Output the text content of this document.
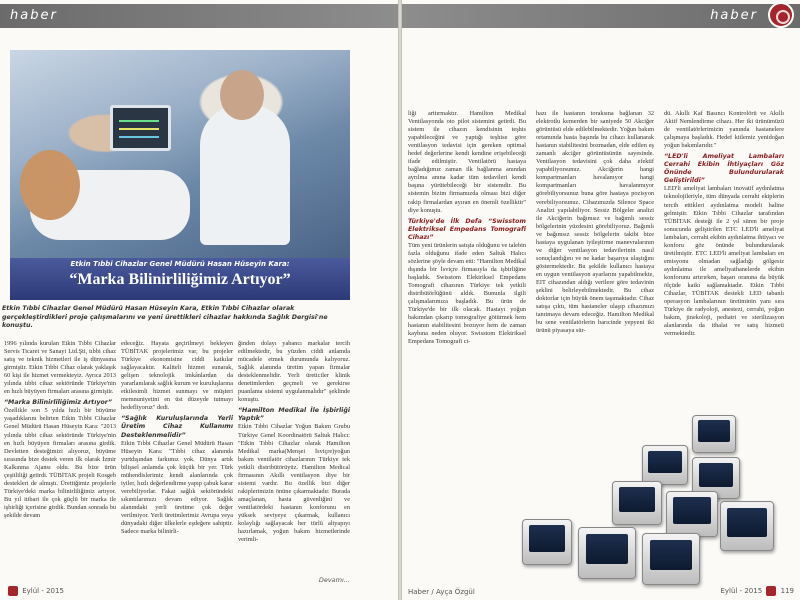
haber
Etkin Tıbbi Cihazlar Genel Müdürü Hasan Hüseyin Kara:
“Marka Bilinirliliğimiz Artıyor”
Etkin Tıbbi Cihazlar Genel Müdürü Hasan Hüseyin Kara, Etkin Tıbbi Cihazlar olarak gerçekleştirdikleri proje çalışmalarını ve yeni ürettikleri cihazlar hakkında Sağlık Dergisi'ne konuştu.
1996 yılında kurulan Etkin Tıbbi Cihazlar Servis Ticaret ve Sanayi Ltd.Şti, tıbbi cihaz satış ve teknik hizmetleri ile iş dünyasına girmiştir. Etkin Tıbbi Cihaz olarak yaklaşık 60 kişi ile hizmet vermekteyiz. Ayrıca 2013 yılında tıbbi cihaz sektöründe Türkiye'nin en hızlı büyüyen firmaları arasına girmiştir.
“Marka Bilinirliliğimiz Artıyor”
Özellikle son 5 yılda hızlı bir büyüme yaşadıklarını belirten Etkin Tıbbi Cihazlar Genel Müdürü Hasan Hüseyin Kara: "2013 yılında tıbbi cihaz sektöründe Türkiye'nin en hızlı büyüyen firmaları arasına girdik. Devletten desteğimizi alıyoruz, büyüme sırasında bize destek veren ilk olarak İzmir Kalkınma Ajansı oldu. Bu bize ürün çeşitliliği getirdi. TÜBİTAK projeli Kosgeb destekleri de almıştı. Ürettiğimiz projelerle Türkiye'deki marka bilinirliliğimiz artıyor. Bu yıl itibari ile çok güçlü bir marka ile işbirliği içerisine girdik. Bundan sonrada bu şekilde devam
edeceğiz. Hayata geçirilmeyi bekleyen TÜBİTAK projelerimiz var, bu projeler Türkiye ekonomisine ciddi katkılar sağlayacaktır. Kaliteli hizmet sunarak, gelişen teknolojik imkânlardan da yararlanılarak sağlık kurum ve kuruluşlarına etkilesimli hizmet sunmayı ve müşteri memnuniyetini en üst düzeyde tutmayı hedefliyoruz" dedi.
“Sağlık Kuruluşlarında Yerli Üretim Cihaz Kullanımı Desteklenmelidir”
Etkin Tıbbi Cihazlar Genel Müdürü Hasan Hüseyin Kara: "Tıbbi cihaz alanında yurtdışından farkımız yok. Dünya artık bilişsel anlamda çok küçük bir yer. Türk mühendislerimiz kendi alanlarında çok iyiler, hızlı değerlendirme yapıp çabuk karar verebiliyorlar. Fakat sağlık sektöründeki sıkıntılarımızı devam ediyor. Sağlık alanındaki yerli üretime çok değer verilmiyor. Yerli üretimlerimiz Avrupa veya dünyadaki diğer ülkelerle eşdeğere sahiptir. Sadece marka bilinirli-
ğinden dolayı yabancı markalar tercih edilmektedir, bu yüzden ciddi anlamda mücadele etmek durumunda kalıyoruz. Sağlık alanında üretim yapan firmalar desteklenmelidir. Yerli üreticiler klinik denetimlerden geçmeli ve gerekirse puanlama sistemi uygulanmalıdır" şeklinde konuştu.
“Hamilton Medikal İle İşbirliği Yaptık”
Etkin Tıbbi Cihazlar Yoğun Bakım Grubu Türkiye Genel Koordinatörü Saltuk Halıcı: "Etkin Tıbbi Cihazlar olarak Hamilton Medikal marka(Menşei İsviçre)yoğun bakım ventilatör cihazlarının Türkiye tek yetkili distribütörüyüz. Hamilton Medical firmasının Akıllı ventilasyon diye bir sistemi vardır. Bu özellik bizi diğer rakiplerimizin önüne çıkarmaktadır. Burada amaçlanan, hasta güvenliğini ve ventilatördeki hastanın konforunu en yüksek seviyeye çıkarmak, kullanıcı kolaylığı sağlayacak her türlü altyapıyı hazırlamak, yoğun bakım hizmetlerinde verimli-
Devamı...
Eylül - 2015
haber
liği arttırmaktır. Hamilton Medikal Ventilasyonda oto pilot sistemini getirdi. Bu sistem ile cihazın kendisinin teşhis yapabileceğini ve yaptığı teşhise göre ventilasyon tedavisi için gereken optimal hedef değerlerine kendi kendine erişebileceği ifade edilmiştir. Ventilatörü hastaya bağladığımız zaman ilk bağlanma anından ayrılma anına kadar tüm tedavileri kendi başına yürütebileceği bir sistemdir. Bu sistemin bizim firmamızda olması bizi diğer rakip firmalardan ayıran en önemli özelliktir" diye konuştu.
Türkiye'de İlk Defa “Swisstom Elektriksel Empedans Tomografi Cihazı”
Tüm yeni ürünlerin satışta olduğunu ve talebin fazla olduğunu ifade eden Saltuk Halıcı sözlerine şöyle devam etti: "Hamilton Medikal dışında bir İsviçre firmasıyla da işbirliğine başladık. Swisstom Elektriksel Empedans Tomografi cihazının Türkiye tek yetkili distribütörlüğünü aldık. Bununla ilgili çalışmalarımıza başladık. Bu ürün de Türkiye'de bir ilk olacak. Hastayı yoğun bakımdan çıkarıp tomografiye götürmek hem hastanın stabilitesini bozuyor hem de zaman kaybına neden oluyor. Swisstom Elektriksel Empedans Tomografi ci-
hazı ile hastanın toraksına bağlanan 32 elektrotlu kemerden bir saniyede 50 Akciğer görüntüsü elde edilebilmektedir. Yoğun bakım ortamında hasta başında bu cihazı kullanarak hastanın stabilitesini bozmadan, elde edilen eş zamanlı akciğer görüntüsünün sayesinde. Ventilasyon tedavisini çok daha efektif yapabiliyorsunuz. Akciğerin hangi kompartmanları havalanıyor hangi kompartmanları havalanmıyor görebiliyorsunuz buna göre hastaya pozisyon verebiliyorsunuz. Cihazımızda Silence Space Analizi yapılabiliyor. Sessiz Bölgeler analizi ile Akciğerin bağımsız ve bağımlı sessiz bölgelerinin yüzdesini görebiliyoruz. Bağımlı ve bağımsız sessiz bölgelerin takibi bize hastaya uygulanan iyileştirme manevralarının ve diğer ventilasyon tedavilerinin nasıl sonuçlandığını ve ne kadar başarıya ulaştığını göstermektedir. Bu şekilde kullanıcı hastaya en uygun ventilasyon ayarlarını yapabilmekte, EIT cihazından aldığı verilere göre tedavinin şeklini belirleyebilmektedir. Bu cihaz doktorlar için büyük önem taşımaktadır. Cihaz satışa çıktı, tüm hastaneler ulaşıp cihazımızı tanıtmaya devam edeceğiz. Hamilton Medikal bu sene ventilatörlerin barıcinde yepyeni iki ürünü piyasaya sür-
dü. Akıllı Kaf Basıncı Kontrolörü ve Akıllı Aktif Nemlendirme cihazı. Her iki ürünümüzü de ventilatörlerimizin yanında hastanelere çalışmaya başladık. Hedef kitlemiz yenidoğan yoğun bakımlarıdır."
“LED'li Ameliyat Lambaları Cerrahi Ekibin İhtiyaçları Göz Önünde Bulundurularak Geliştirildi”
LED'li ameliyat lambaları inovatif aydınlatma teknolojileriyle, tüm dünyada cerrahi ekiplerin tercih ettikleri aydınlatma modeli haline gelmiştir. Etkin Tıbbi Cihazlar tarafından TÜBİTAK desteği ile 2 yıl süren bir proje sonucunda geliştirilen ETC LED'li ameliyat lambaları, cerrahi ekibin aydınlatma ihtiyacı ve konforu göz önünde bulundurularak üretilmiştir. ETC LED'li ameliyat lambaları en emisyonu olmadan sağladığı gölgesiz aydınlatma ile ameliyathanelerde ekibin konforunu artırırken, başarı oranına da büyük ölçüde katkı sağlamaktadır. Etkin Tıbbi Cihazlar, TÜBİTAK destekli LED tabanlı operasyon lambalarının üretiminin yanı sıra Türkiye de radyoloji, anestezi, cerrahi, yoğun bakım, jinekoloji, pediatri ve sterilizasyon alanlarında da ithalat ve satış hizmeti vermektedir.
Haber / Ayça Özgül	Eylül - 2015	119
